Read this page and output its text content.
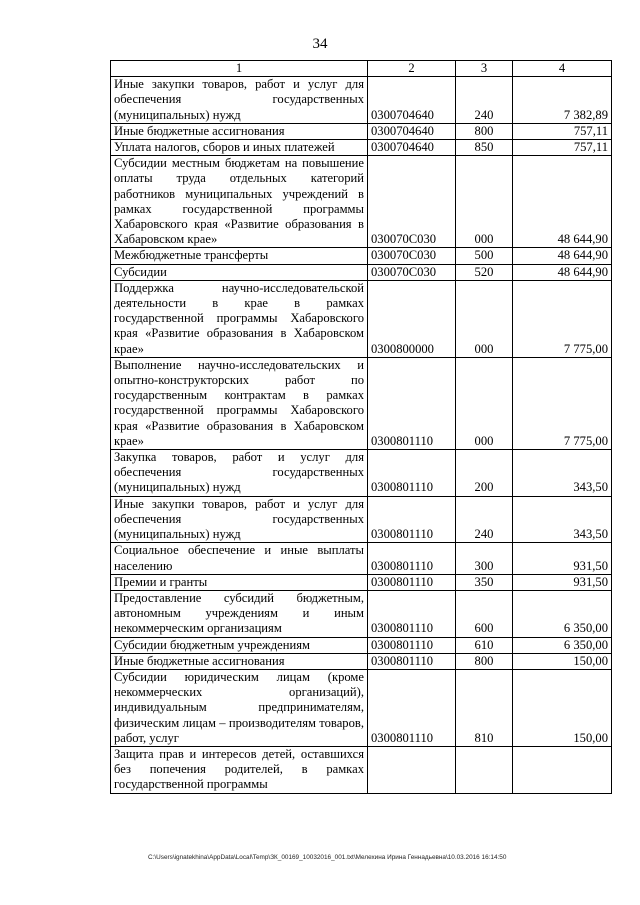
34
1	2	3	4
Иные закупки товаров, работ и услуг для обеспечения государственных (муниципальных) нужд	0300704640	240	7 382,89
Иные бюджетные ассигнования	0300704640	800	757,11
Уплата налогов, сборов и иных платежей	0300704640	850	757,11
Субсидии местным бюджетам на повышение оплаты труда отдельных категорий работников муниципальных учреждений в рамках государственной программы Хабаровского края «Развитие образования в Хабаровском крае»	030070С030	000	48 644,90
Межбюджетные трансферты	030070С030	500	48 644,90
Субсидии	030070С030	520	48 644,90
Поддержка научно-исследовательской деятельности в крае в рамках государственной программы Хабаровского края «Развитие образования в Хабаровском крае»	0300800000	000	7 775,00
Выполнение научно-исследовательских и опытно-конструкторских работ по государственным контрактам в рамках государственной программы Хабаровского края «Развитие образования в Хабаровском крае»	0300801110	000	7 775,00
Закупка товаров, работ и услуг для обеспечения государственных (муниципальных) нужд	0300801110	200	343,50
Иные закупки товаров, работ и услуг для обеспечения государственных (муниципальных) нужд	0300801110	240	343,50
Социальное обеспечение и иные выплаты населению	0300801110	300	931,50
Премии и гранты	0300801110	350	931,50
Предоставление субсидий бюджетным, автономным учреждениям и иным некоммерческим организациям	0300801110	600	6 350,00
Субсидии бюджетным учреждениям	0300801110	610	6 350,00
Иные бюджетные ассигнования	0300801110	800	150,00
Субсидии юридическим лицам (кроме некоммерческих организаций), индивидуальным предпринимателям, физическим лицам – производителям товаров, работ, услуг	0300801110	810	150,00
Защита прав и интересов детей, оставшихся без попечения родителей, в рамках государственной программы			
C:\Users\ignatekhina\AppData\Local\Temp\ЗК_00169_10032016_001.txt\Мелехина Ирина Геннадьевна\10.03.2016 16:14:50
